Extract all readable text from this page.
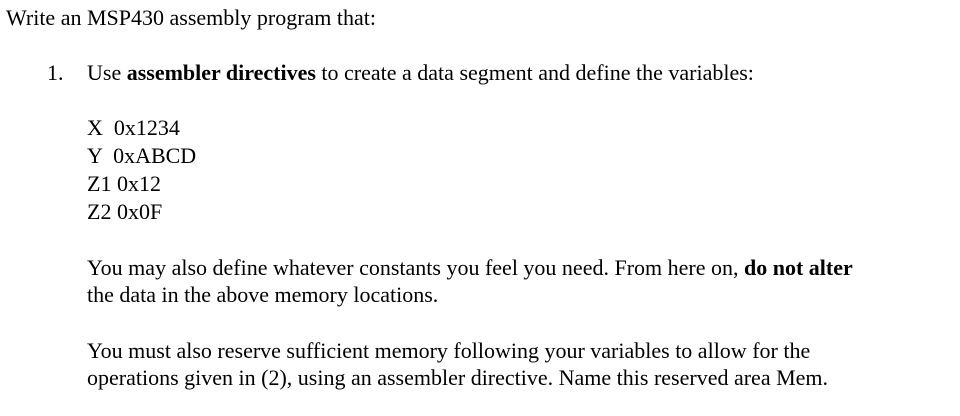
Write an MSP430 assembly program that:
1. Use assembler directives to create a data segment and define the variables:
X  0x1234
Y  0xABCD
Z1 0x12
Z2 0x0F
You may also define whatever constants you feel you need. From here on, do not alter
the data in the above memory locations.
You must also reserve sufficient memory following your variables to allow for the
operations given in (2), using an assembler directive. Name this reserved area Mem.
